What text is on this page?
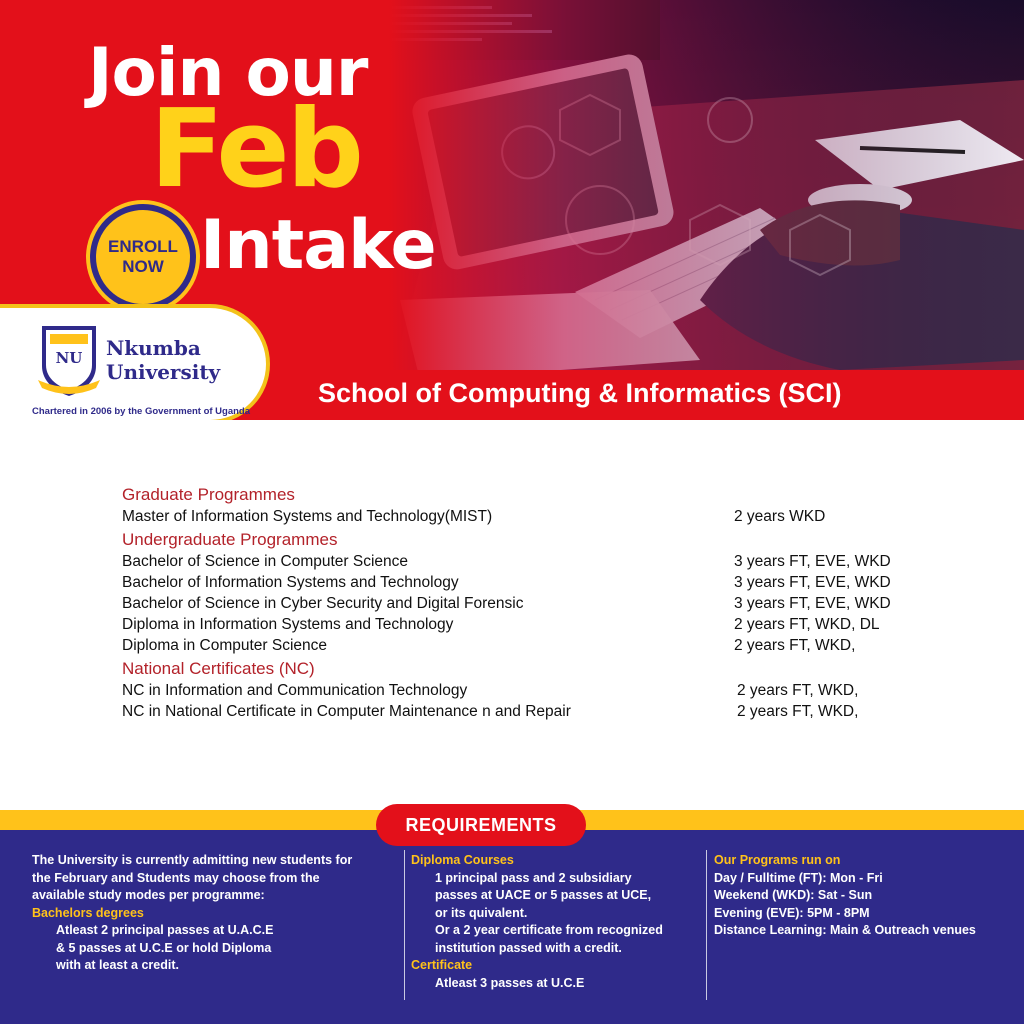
Join our
Feb
Intake
ENROLL
NOW
NU Nkumba
University
Chartered in 2006 by the Government of Uganda
School of Computing & Informatics (SCI)
Graduate Programmes
Master of Information Systems and Technology(MIST)	2 years WKD
Undergraduate Programmes
Bachelor of Science in Computer Science	3 years FT, EVE, WKD
Bachelor of Information Systems and Technology	3 years FT, EVE, WKD
Bachelor of Science in Cyber Security and Digital Forensic	3 years FT, EVE, WKD
Diploma in Information Systems and Technology	2 years FT, WKD, DL
Diploma in Computer Science	2 years FT, WKD,
National Certificates (NC)
NC in Information and Communication Technology	2 years FT, WKD,
NC in National Certificate in Computer Maintenance n and Repair	2 years FT, WKD,
REQUIREMENTS
The University is currently admitting new students for
the February and Students may choose from the
available study modes per programme:
Bachelors degrees
Atleast 2 principal passes at U.A.C.E
& 5 passes at U.C.E or hold Diploma
with at least a credit.
Diploma Courses
1 principal pass and 2 subsidiary
passes at UACE or 5 passes at UCE,
or its quivalent.
Or a 2 year certificate from recognized
institution passed with a credit.
Certificate
Atleast 3 passes at U.C.E
Our Programs run on
Day / Fulltime (FT): Mon - Fri
Weekend (WKD): Sat - Sun
Evening (EVE): 5PM - 8PM
Distance Learning: Main & Outreach venues
